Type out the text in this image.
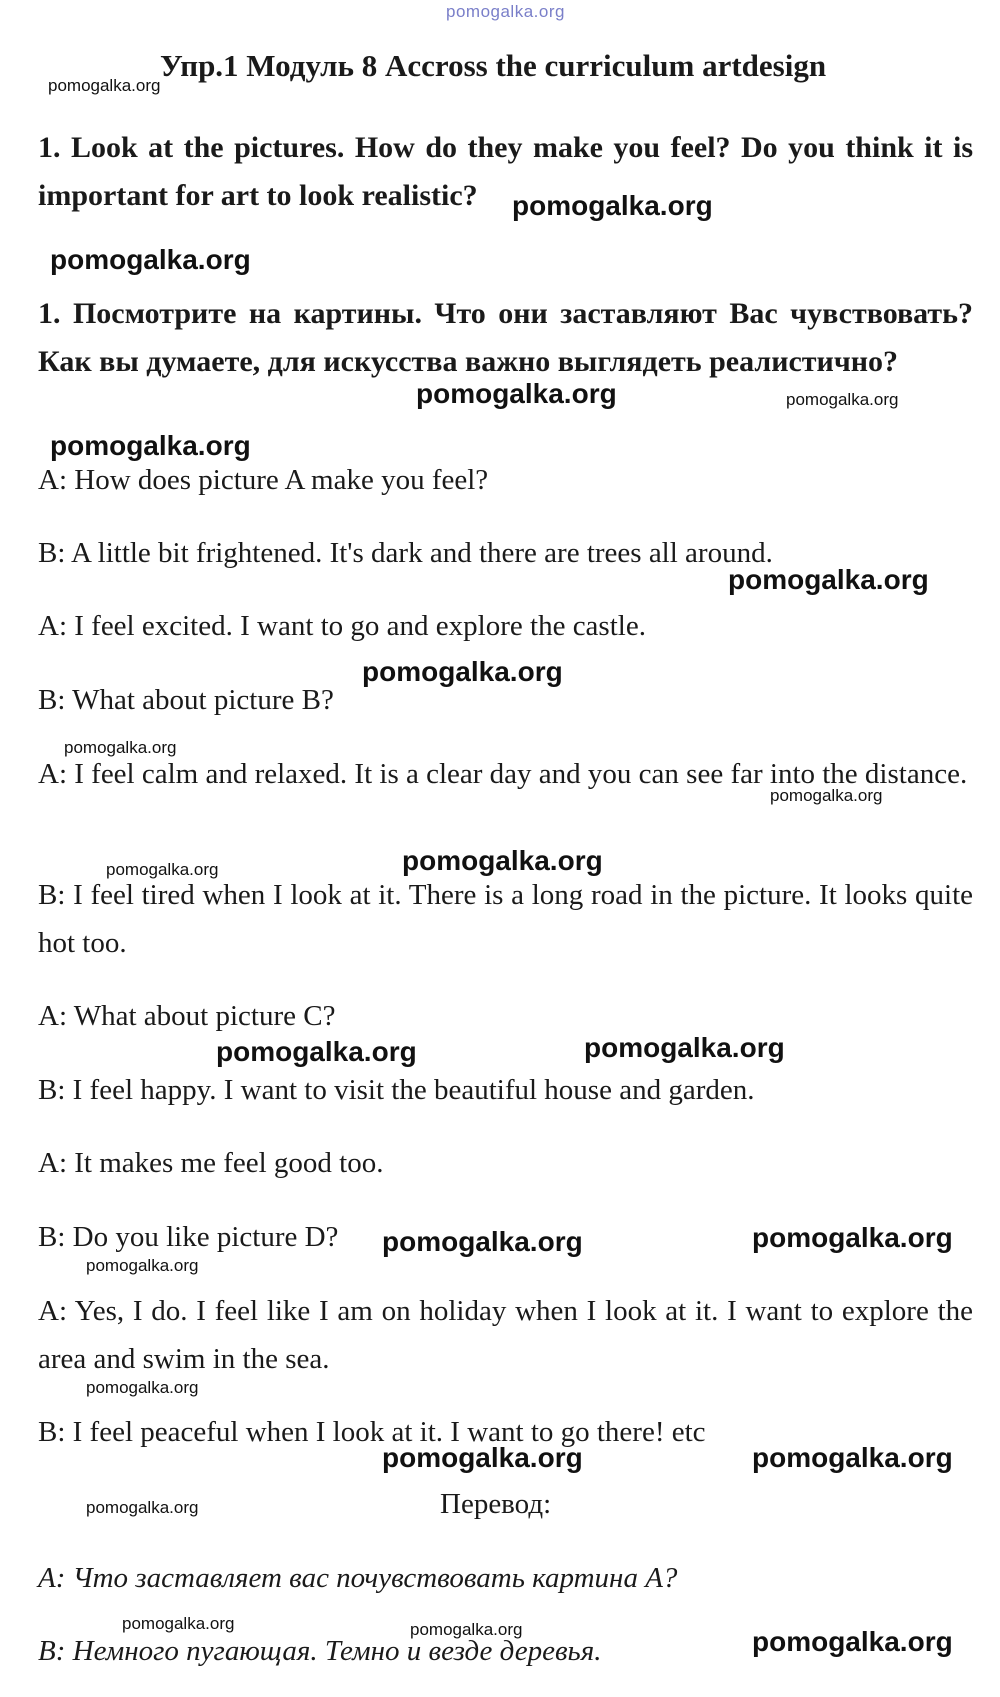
pomogalka.org
Упр.1 Модуль 8 Accross the curriculum artdesign
pomogalka.org
1. Look at the pictures. How do they make you feel? Do you think it is important for art to look realistic?	pomogalka.org
pomogalka.org
1. Посмотрите на картины. Что они заставляют Вас чувствовать? Как вы думаете, для искусства важно выглядеть реалистично?
pomogalka.org	pomogalka.org
pomogalka.org
A: How does picture A make you feel?
B: A little bit frightened. It's dark and there are trees all around.
pomogalka.org
A: I feel excited. I want to go and explore the castle.
pomogalka.org
B: What about picture B?
pomogalka.org
A: I feel calm and relaxed. It is a clear day and you can see far into the distance.
pomogalka.org
pomogalka.org	pomogalka.org
B: I feel tired when I look at it. There is a long road in the picture. It looks quite hot too.
A: What about picture C?
pomogalka.org	pomogalka.org
B: I feel happy. I want to visit the beautiful house and garden.
A: It makes me feel good too.
B: Do you like picture D?	pomogalka.org	pomogalka.org
pomogalka.org
A: Yes, I do. I feel like I am on holiday when I look at it. I want to explore the area and swim in the sea.
pomogalka.org
B: I feel peaceful when I look at it. I want to go there! etc
pomogalka.org	pomogalka.org
pomogalka.org	Перевод:
A: Что заставляет вас почувствовать картина А?
pomogalka.org	pomogalka.org
B: Немного пугающая. Темно и везде деревья.	pomogalka.org
